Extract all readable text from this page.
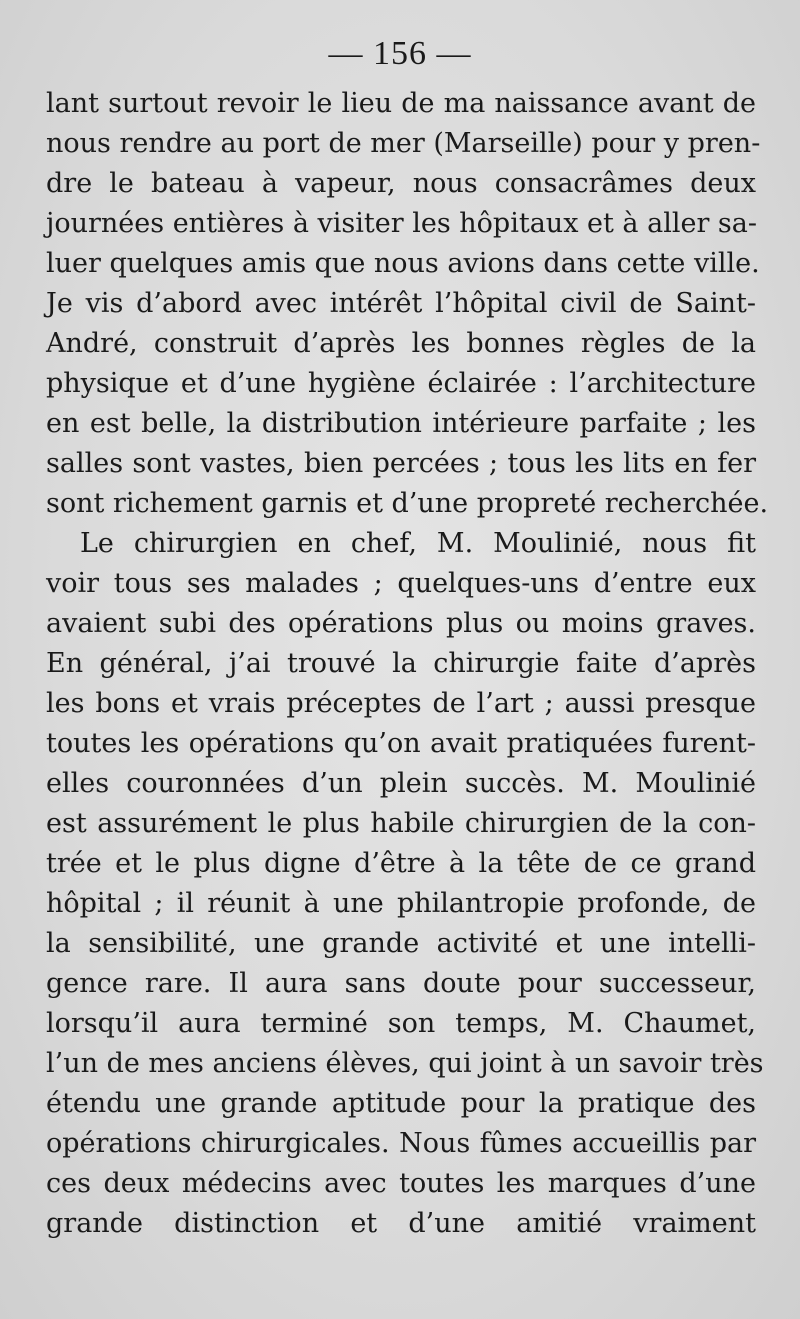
— 156 —
lant surtout revoir le lieu de ma naissance avant de
nous rendre au port de mer (Marseille) pour y pren-
dre le bateau à vapeur, nous consacrâmes deux
journées entières à visiter les hôpitaux et à aller sa-
luer quelques amis que nous avions dans cette ville.
Je vis d’abord avec intérêt l’hôpital civil de Saint-
André, construit d’après les bonnes règles de la
physique et d’une hygiène éclairée : l’architecture
en est belle, la distribution intérieure parfaite ; les
salles sont vastes, bien percées ; tous les lits en fer
sont richement garnis et d’une propreté recherchée.
Le chirurgien en chef, M. Moulinié, nous fit
voir tous ses malades ; quelques-uns d’entre eux
avaient subi des opérations plus ou moins graves.
En général, j’ai trouvé la chirurgie faite d’après
les bons et vrais préceptes de l’art ; aussi presque
toutes les opérations qu’on avait pratiquées furent-
elles couronnées d’un plein succès. M. Moulinié
est assurément le plus habile chirurgien de la con-
trée et le plus digne d’être à la tête de ce grand
hôpital ; il réunit à une philantropie profonde, de
la sensibilité, une grande activité et une intelli-
gence rare. Il aura sans doute pour successeur,
lorsqu’il aura terminé son temps, M. Chaumet,
l’un de mes anciens élèves, qui joint à un savoir très
étendu une grande aptitude pour la pratique des
opérations chirurgicales. Nous fûmes accueillis par
ces deux médecins avec toutes les marques d’une
grande distinction et d’une amitié vraiment
